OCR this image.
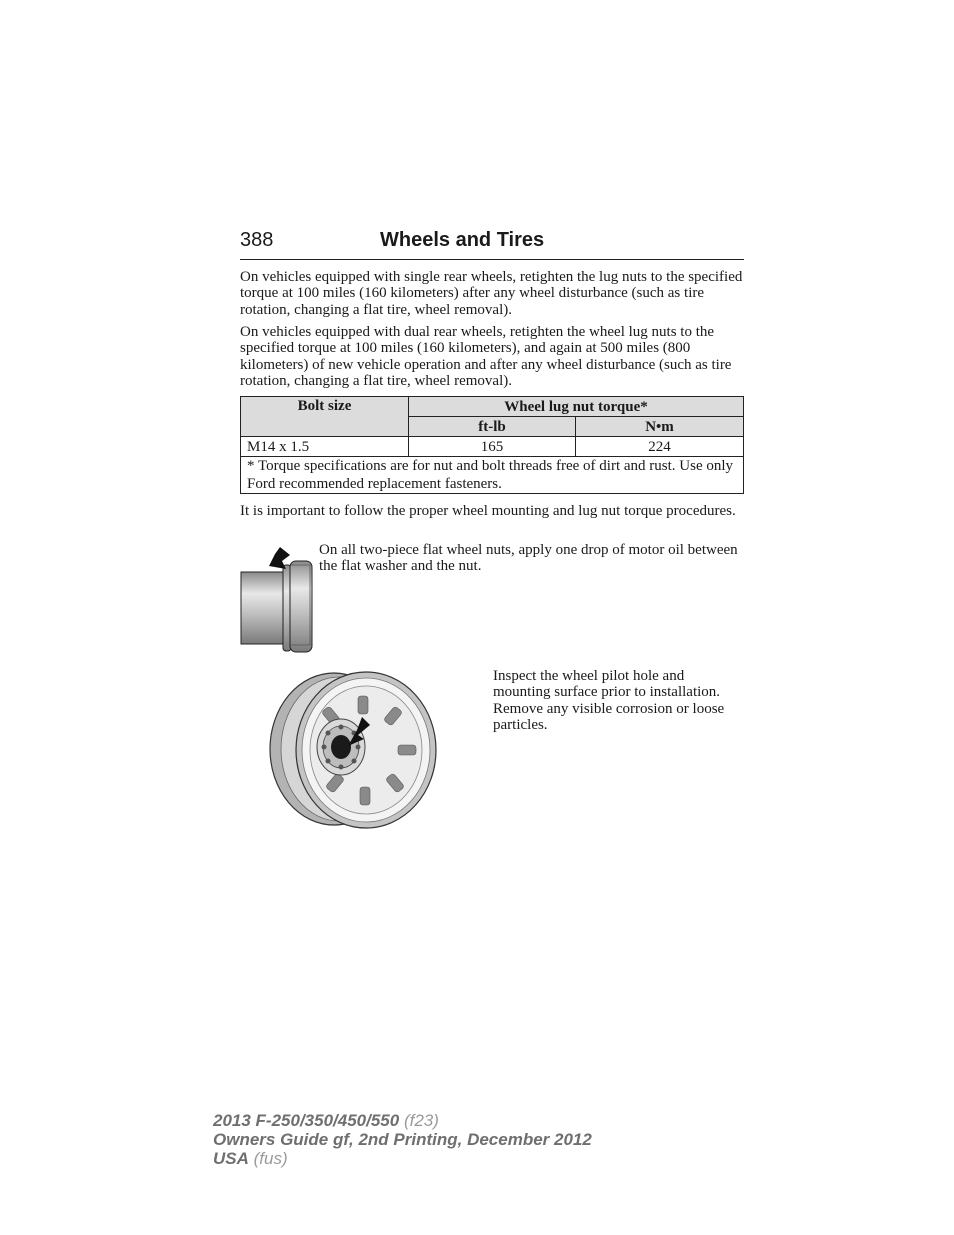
388	Wheels and Tires

On vehicles equipped with single rear wheels, retighten the lug nuts to the specified torque at 100 miles (160 kilometers) after any wheel disturbance (such as tire rotation, changing a flat tire, wheel removal).

On vehicles equipped with dual rear wheels, retighten the wheel lug nuts to the specified torque at 100 miles (160 kilometers), and again at 500 miles (800 kilometers) of new vehicle operation and after any wheel disturbance (such as tire rotation, changing a flat tire, wheel removal).

Bolt size	Wheel lug nut torque*	
	ft-lb	N•m
M14 x 1.5	165	224
* Torque specifications are for nut and bolt threads free of dirt and rust. Use only Ford recommended replacement fasteners.		

It is important to follow the proper wheel mounting and lug nut torque procedures.

On all two-piece flat wheel nuts, apply one drop of motor oil between the flat washer and the nut.

Inspect the wheel pilot hole and mounting surface prior to installation. Remove any visible corrosion or loose particles.

2013 F-250/350/450/550 (f23)
Owners Guide gf, 2nd Printing, December 2012
USA (fus)
